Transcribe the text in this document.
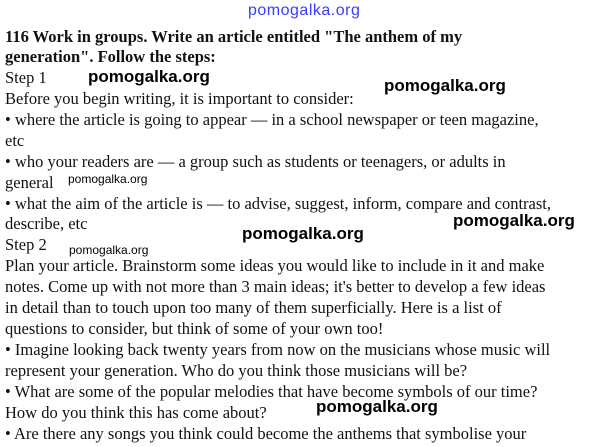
pomogalka.org
116 Work in groups. Write an article entitled "The anthem of my
generation". Follow the steps:
Step 1
Before you begin writing, it is important to consider:
• where the article is going to appear — in a school newspaper or teen magazine,
etc
• who your readers are — a group such as students or teenagers, or adults in
general
• what the aim of the article is — to advise, suggest, inform, compare and contrast,
describe, etc
Step 2
Plan your article. Brainstorm some ideas you would like to include in it and make
notes. Come up with not more than 3 main ideas; it's better to develop a few ideas
in detail than to touch upon too many of them superficially. Here is a list of
questions to consider, but think of some of your own too!
• Imagine looking back twenty years from now on the musicians whose music will
represent your generation. Who do you think those musicians will be?
• What are some of the popular melodies that have become symbols of our time?
How do you think this has come about?
• Are there any songs you think could become the anthems that symbolise your
pomogalka.org	pomogalka.org
pomogalka.org
pomogalka.org
pomogalka.org
pomogalka.org
pomogalka.org
